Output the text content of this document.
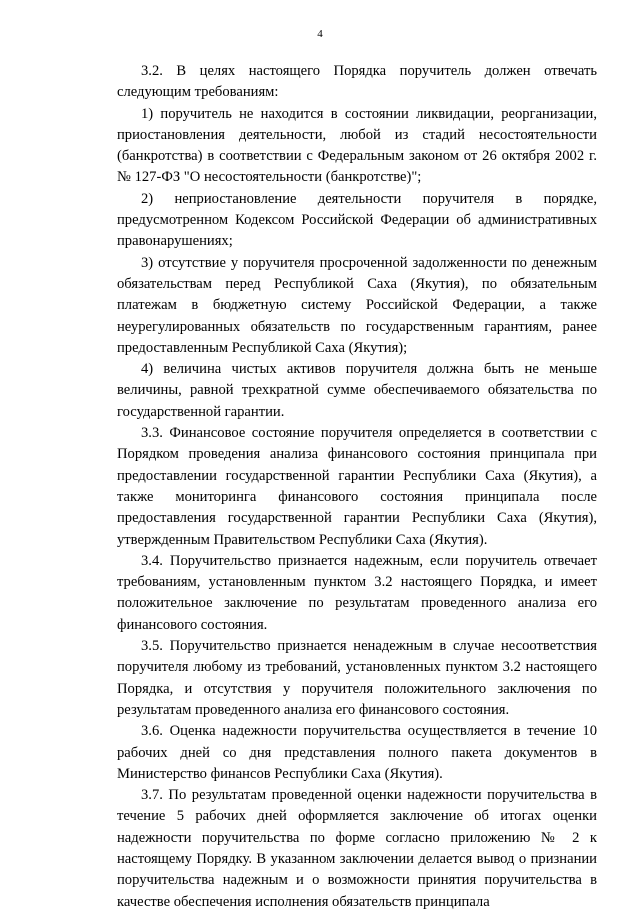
4

3.2. В целях настоящего Порядка поручитель должен отвечать следующим требованиям:

1) поручитель не находится в состоянии ликвидации, реорганизации, приостановления деятельности, любой из стадий несостоятельности (банкротства) в соответствии с Федеральным законом от 26 октября 2002 г. № 127-ФЗ "О несостоятельности (банкротстве)";

2) неприостановление деятельности поручителя в порядке, предусмотренном Кодексом Российской Федерации об административных правонарушениях;

3) отсутствие у поручителя просроченной задолженности по денежным обязательствам перед Республикой Саха (Якутия), по обязательным платежам в бюджетную систему Российской Федерации, а также неурегулированных обязательств по государственным гарантиям, ранее предоставленным Республикой Саха (Якутия);

4) величина чистых активов поручителя должна быть не меньше величины, равной трехкратной сумме обеспечиваемого обязательства по государственной гарантии.

3.3. Финансовое состояние поручителя определяется в соответствии с Порядком проведения анализа финансового состояния принципала при предоставлении государственной гарантии Республики Саха (Якутия), а также мониторинга финансового состояния принципала после предоставления государственной гарантии Республики Саха (Якутия), утвержденным Правительством Республики Саха (Якутия).

3.4. Поручительство признается надежным, если поручитель отвечает требованиям, установленным пунктом 3.2 настоящего Порядка, и имеет положительное заключение по результатам проведенного анализа его финансового состояния.

3.5. Поручительство признается ненадежным в случае несоответствия поручителя любому из требований, установленных пунктом 3.2 настоящего Порядка, и отсутствия у поручителя положительного заключения по результатам проведенного анализа его финансового состояния.

3.6. Оценка надежности поручительства осуществляется в течение 10 рабочих дней со дня представления полного пакета документов в Министерство финансов Республики Саха (Якутия).

3.7. По результатам проведенной оценки надежности поручительства в течение 5 рабочих дней оформляется заключение об итогах оценки надежности поручительства по форме согласно приложению № 2 к настоящему Порядку. В указанном заключении делается вывод о признании поручительства надежным и о возможности принятия поручительства в качестве обеспечения исполнения обязательств принципала
